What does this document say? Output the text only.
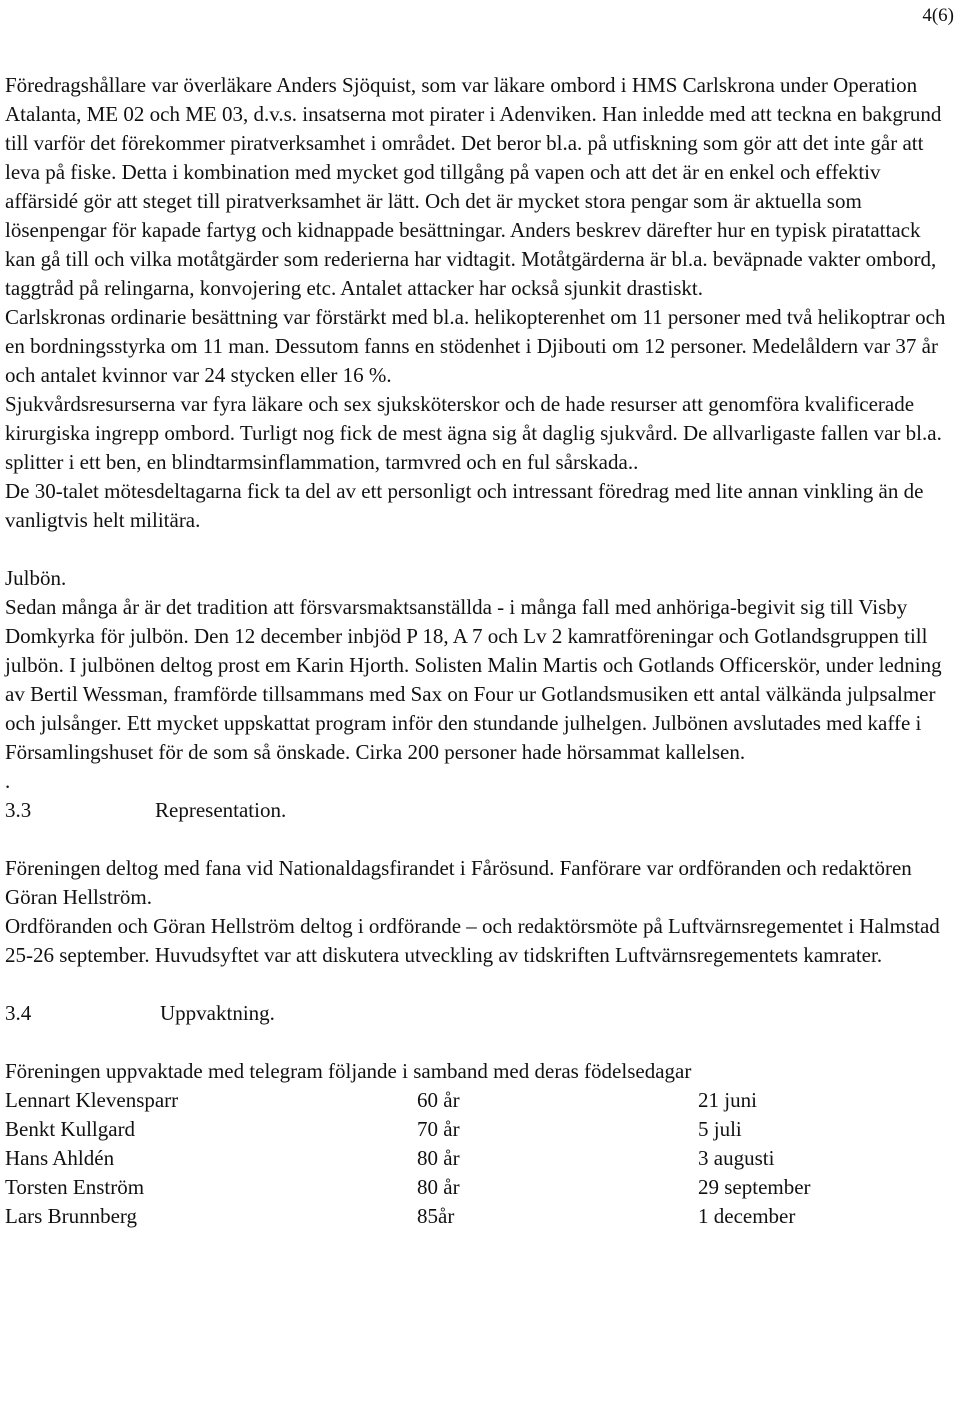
4(6)

Föredragshållare var överläkare Anders Sjöquist, som var läkare ombord i HMS Carlskrona under Operation Atalanta, ME 02 och ME 03, d.v.s. insatserna mot pirater i Adenviken. Han inledde med att teckna en bakgrund till varför det förekommer piratverksamhet i området. Det beror bl.a. på utfiskning som gör att det inte går att leva på fiske. Detta i kombination med mycket god tillgång på vapen och att det är en enkel och effektiv affärsidé gör att steget till piratverksamhet är lätt. Och det är mycket stora pengar som är aktuella som lösenpengar för kapade fartyg och kidnappade besättningar. Anders beskrev därefter hur en typisk piratattack kan gå till och vilka motåtgärder som rederierna har vidtagit. Motåtgärderna är bl.a. beväpnade vakter ombord, taggtråd på relingarna, konvojering etc. Antalet attacker har också sjunkit drastiskt.

Carlskronas ordinarie besättning var förstärkt med bl.a. helikopterenhet om 11 personer med två helikoptrar och en bordningsstyrka om 11 man. Dessutom fanns en stödenhet i Djibouti om 12 personer. Medelåldern var 37 år och antalet kvinnor var 24 stycken eller 16 %.

Sjukvårdsresurserna var fyra läkare och sex sjuksköterskor och de hade resurser att genomföra kvalificerade kirurgiska ingrepp ombord. Turligt nog fick de mest ägna sig åt daglig sjukvård. De allvarligaste fallen var bl.a. splitter i ett ben, en blindtarmsinflammation, tarmvred och en ful sårskada..

De 30-talet mötesdeltagarna fick ta del av ett personligt och intressant föredrag med lite annan vinkling än de vanligtvis helt militära.

Julbön.

Sedan många år är det tradition att försvarsmaktsanställda - i många fall med anhöriga-begivit sig till Visby Domkyrka för julbön. Den 12 december inbjöd P 18, A 7 och Lv 2 kamratföreningar och Gotlandsgruppen till julbön. I julbönen deltog prost em Karin Hjorth. Solisten Malin Martis och Gotlands Officerskör, under ledning av Bertil Wessman, framförde tillsammans med Sax on Four ur Gotlandsmusiken ett antal välkända julpsalmer och julsånger. Ett mycket uppskattat program inför den stundande julhelgen. Julbönen avslutades med kaffe i Församlingshuset för de som så önskade. Cirka 200 personer hade hörsammat kallelsen.

.

3.3	Representation.

Föreningen deltog med fana vid Nationaldagsfirandet i Fårösund. Fanförare var ordföranden och redaktören Göran Hellström.

Ordföranden och Göran Hellström deltog i ordförande – och redaktörsmöte på Luftvärnsregementet i Halmstad 25-26 september. Huvudsyftet var att diskutera utveckling av tidskriften Luftvärnsregementets kamrater.

3.4	Uppvaktning.

Föreningen uppvaktade med telegram följande i samband med deras födelsedagar

Lennart Klevensparr	60 år	21 juni
Benkt Kullgard	70 år	5 juli
Hans Ahldén	80 år	3 augusti
Torsten Enström	80 år	29 september
Lars Brunnberg	85år	1 december
